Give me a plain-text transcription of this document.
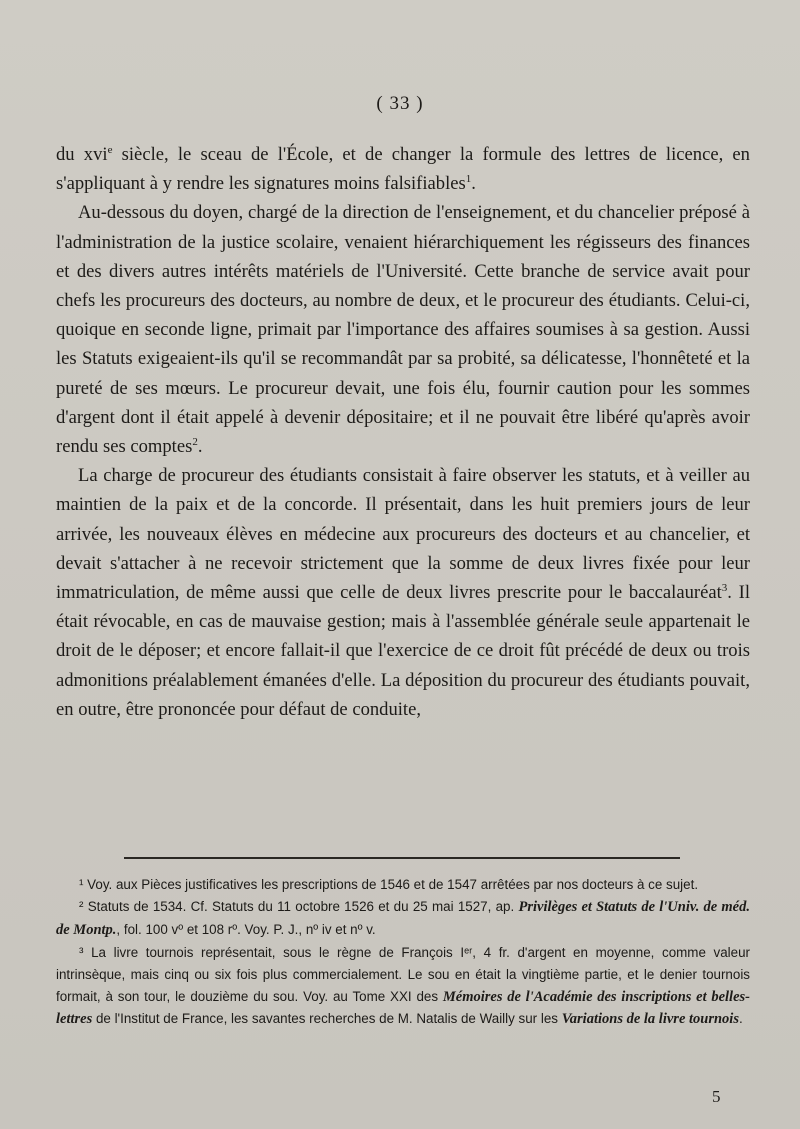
( 33 )

du xvi$^e$ siècle, le sceau de l'École, et de changer la formule des lettres de licence, en s'appliquant à y rendre les signatures moins falsifiables$^1$.

Au-dessous du doyen, chargé de la direction de l'enseignement, et du chancelier préposé à l'administration de la justice scolaire, venaient hiérarchiquement les régisseurs des finances et des divers autres intérêts matériels de l'Université. Cette branche de service avait pour chefs les procureurs des docteurs, au nombre de deux, et le procureur des étudiants. Celui-ci, quoique en seconde ligne, primait par l'importance des affaires soumises à sa gestion. Aussi les Statuts exigeaient-ils qu'il se recommandât par sa probité, sa délicatesse, l'honnêteté et la pureté de ses mœurs. Le procureur devait, une fois élu, fournir caution pour les sommes d'argent dont il était appelé à devenir dépositaire; et il ne pouvait être libéré qu'après avoir rendu ses comptes$^2$.

La charge de procureur des étudiants consistait à faire observer les statuts, et à veiller au maintien de la paix et de la concorde. Il présentait, dans les huit premiers jours de leur arrivée, les nouveaux élèves en médecine aux procureurs des docteurs et au chancelier, et devait s'attacher à ne recevoir strictement que la somme de deux livres fixée pour leur immatriculation, de même aussi que celle de deux livres prescrite pour le baccalauréat$^3$. Il était révocable, en cas de mauvaise gestion; mais à l'assemblée générale seule appartenait le droit de le déposer; et encore fallait-il que l'exercice de ce droit fût précédé de deux ou trois admonitions préalablement émanées d'elle. La déposition du procureur des étudiants pouvait, en outre, être prononcée pour défaut de conduite,

¹ Voy. aux Pièces justificatives les prescriptions de 1546 et de 1547 arrêtées par nos docteurs à ce sujet.

² Statuts de 1534. Cf. Statuts du 11 octobre 1526 et du 25 mai 1527, ap. Privilèges et Statuts de l'Univ. de méd. de Montp., fol. 100 vº et 108 rº. Voy. P. J., nº iv et nº v.

³ La livre tournois représentait, sous le règne de François Iᵉʳ, 4 fr. d'argent en moyenne, comme valeur intrinsèque, mais cinq ou six fois plus commercialement. Le sou en était la vingtième partie, et le denier tournois formait, à son tour, le douzième du sou. Voy. au Tome XXI des Mémoires de l'Académie des inscriptions et belles-lettres de l'Institut de France, les savantes recherches de M. Natalis de Wailly sur les Variations de la livre tournois.

5
